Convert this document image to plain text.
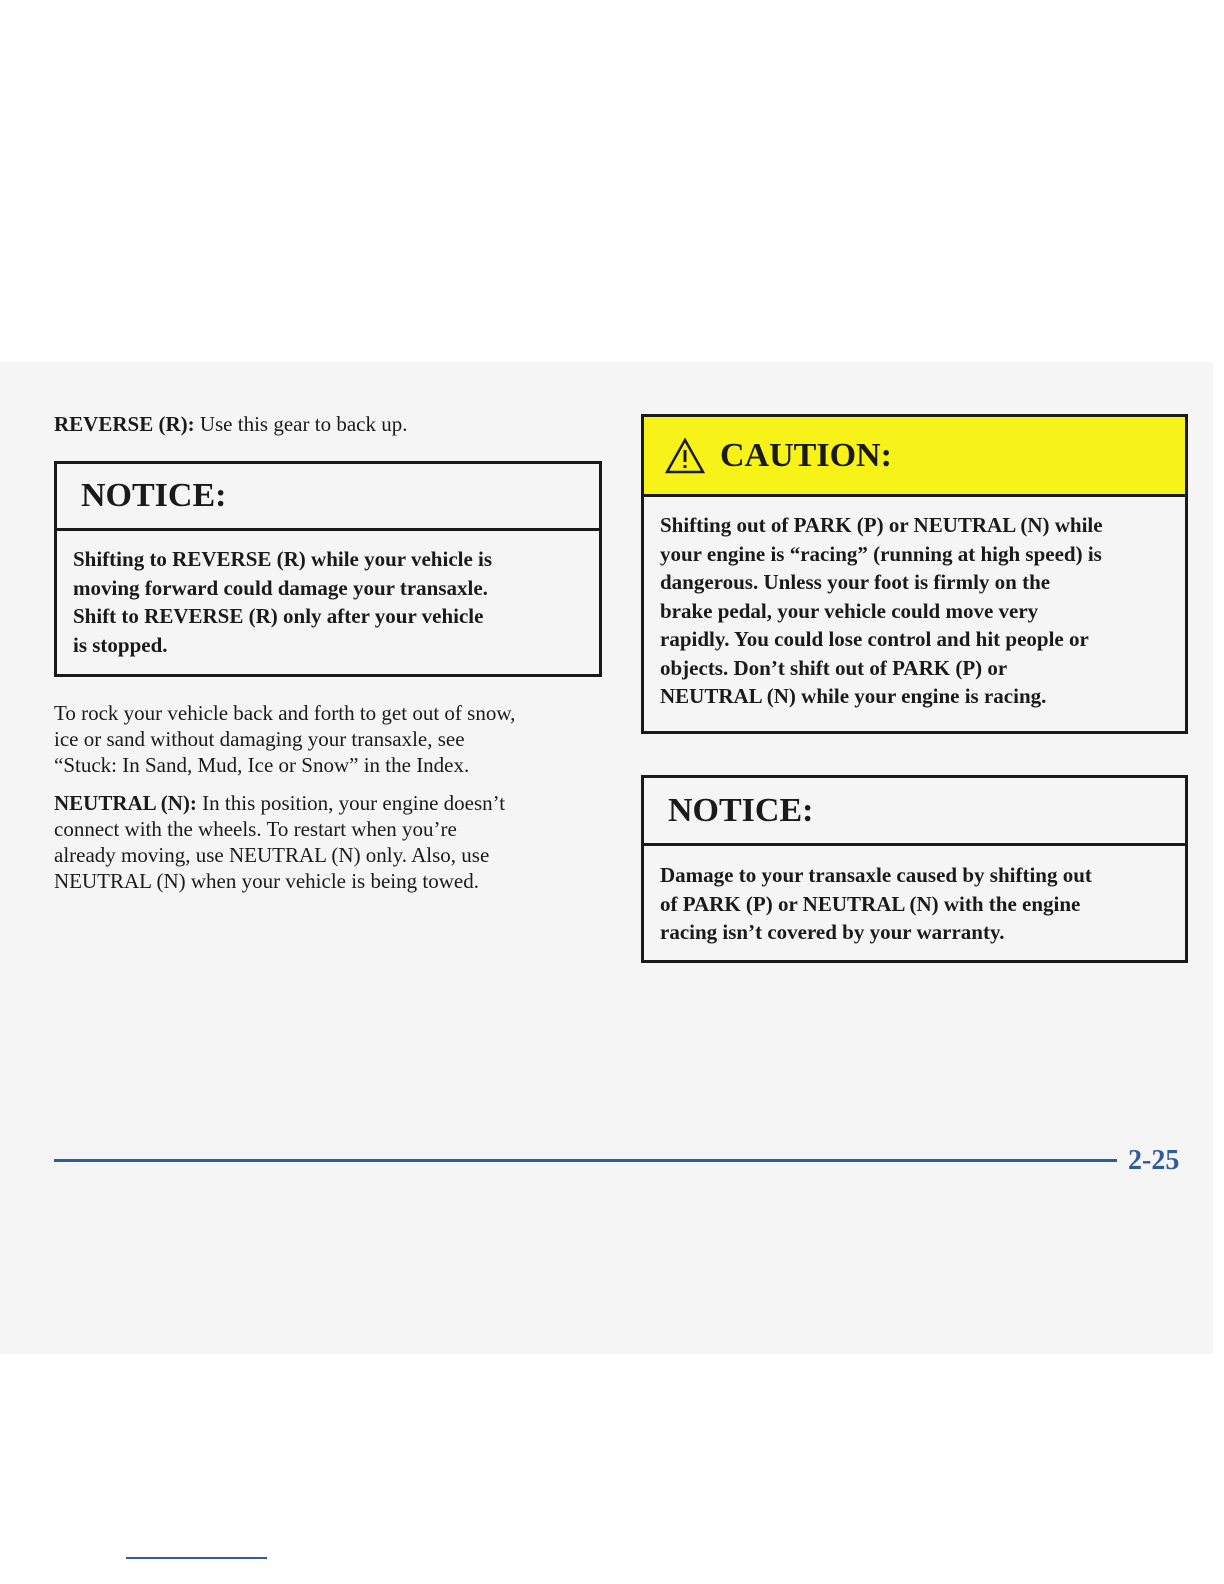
REVERSE (R): Use this gear to back up.

NOTICE:
Shifting to REVERSE (R) while your vehicle is
moving forward could damage your transaxle.
Shift to REVERSE (R) only after your vehicle
is stopped.
To rock your vehicle back and forth to get out of snow,
ice or sand without damaging your transaxle, see
“Stuck: In Sand, Mud, Ice or Snow” in the Index.
NEUTRAL (N): In this position, your engine doesn’t
connect with the wheels. To restart when you’re
already moving, use NEUTRAL (N) only. Also, use
NEUTRAL (N) when your vehicle is being towed.
CAUTION:
Shifting out of PARK (P) or NEUTRAL (N) while
your engine is “racing” (running at high speed) is
dangerous. Unless your foot is firmly on the
brake pedal, your vehicle could move very
rapidly. You could lose control and hit people or
objects. Don’t shift out of PARK (P) or
NEUTRAL (N) while your engine is racing.
NOTICE:
Damage to your transaxle caused by shifting out
of PARK (P) or NEUTRAL (N) with the engine
racing isn’t covered by your warranty.
2-25
